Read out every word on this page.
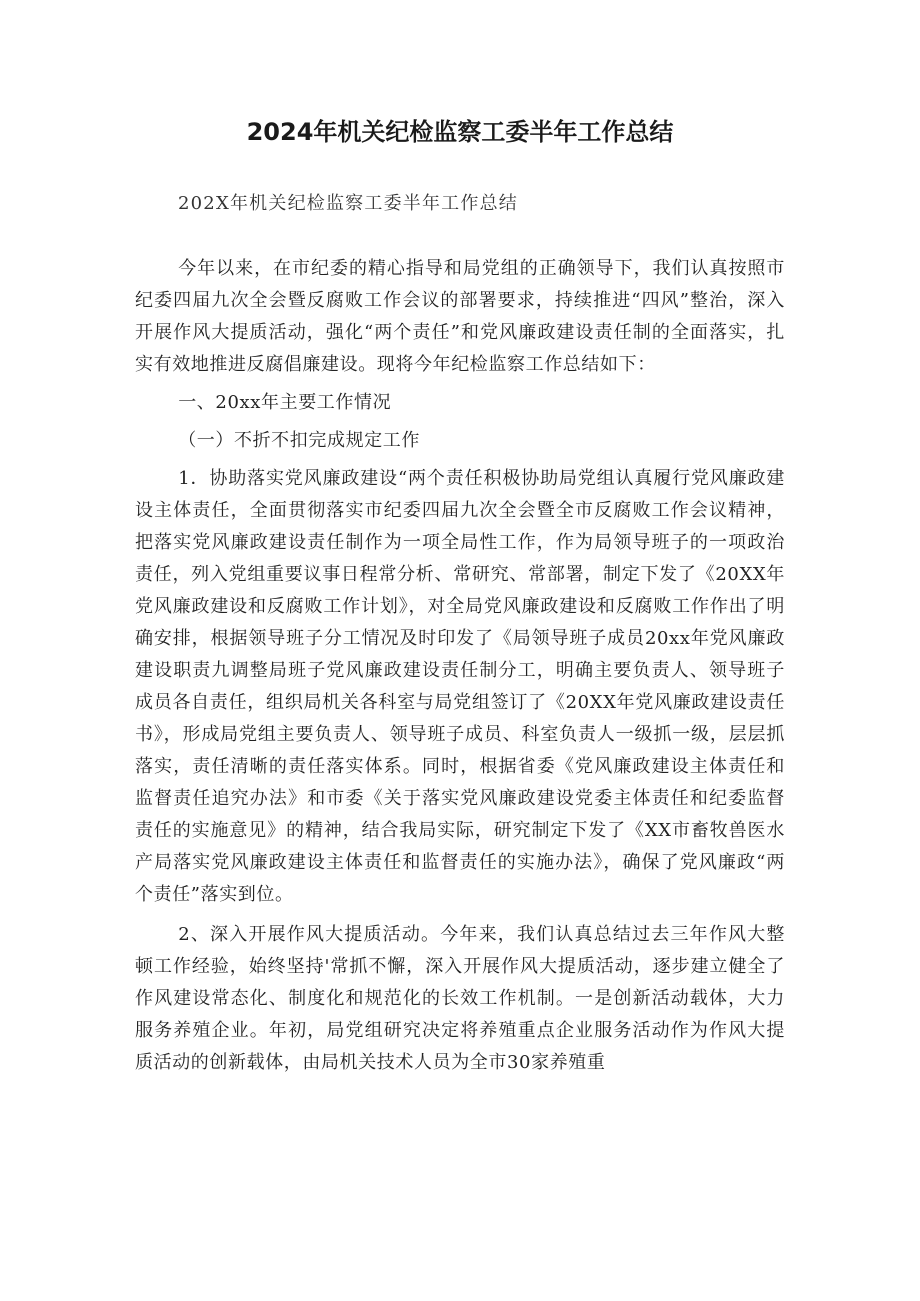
2024年机关纪检监察工委半年工作总结

202X年机关纪检监察工委半年工作总结

今年以来，在市纪委的精心指导和局党组的正确领导下，我们认真按照市纪委四届九次全会暨反腐败工作会议的部署要求，持续推进“四风”整治，深入开展作风大提质活动，强化“两个责任”和党风廉政建设责任制的全面落实，扎实有效地推进反腐倡廉建设。现将今年纪检监察工作总结如下：

一、20xx年主要工作情况

（一）不折不扣完成规定工作

1．协助落实党风廉政建设“两个责任积极协助局党组认真履行党风廉政建设主体责任，全面贯彻落实市纪委四届九次全会暨全市反腐败工作会议精神，把落实党风廉政建设责任制作为一项全局性工作，作为局领导班子的一项政治责任，列入党组重要议事日程常分析、常研究、常部署，制定下发了《20XX年党风廉政建设和反腐败工作计划》，对全局党风廉政建设和反腐败工作作出了明确安排，根据领导班子分工情况及时印发了《局领导班子成员20xx年党风廉政建设职责九调整局班子党风廉政建设责任制分工，明确主要负责人、领导班子成员各自责任，组织局机关各科室与局党组签订了《20XX年党风廉政建设责任书》，形成局党组主要负责人、领导班子成员、科室负责人一级抓一级，层层抓落实，责任清晰的责任落实体系。同时，根据省委《党风廉政建设主体责任和监督责任追究办法》和市委《关于落实党风廉政建设党委主体责任和纪委监督责任的实施意见》的精神，结合我局实际，研究制定下发了《XX市畜牧兽医水产局落实党风廉政建设主体责任和监督责任的实施办法》，确保了党风廉政“两个责任”落实到位。

2、深入开展作风大提质活动。今年来，我们认真总结过去三年作风大整顿工作经验，始终坚持'常抓不懈，深入开展作风大提质活动，逐步建立健全了作风建设常态化、制度化和规范化的长效工作机制。一是创新活动载体，大力服务养殖企业。年初，局党组研究决定将养殖重点企业服务活动作为作风大提质活动的创新载体，由局机关技术人员为全市30家养殖重
